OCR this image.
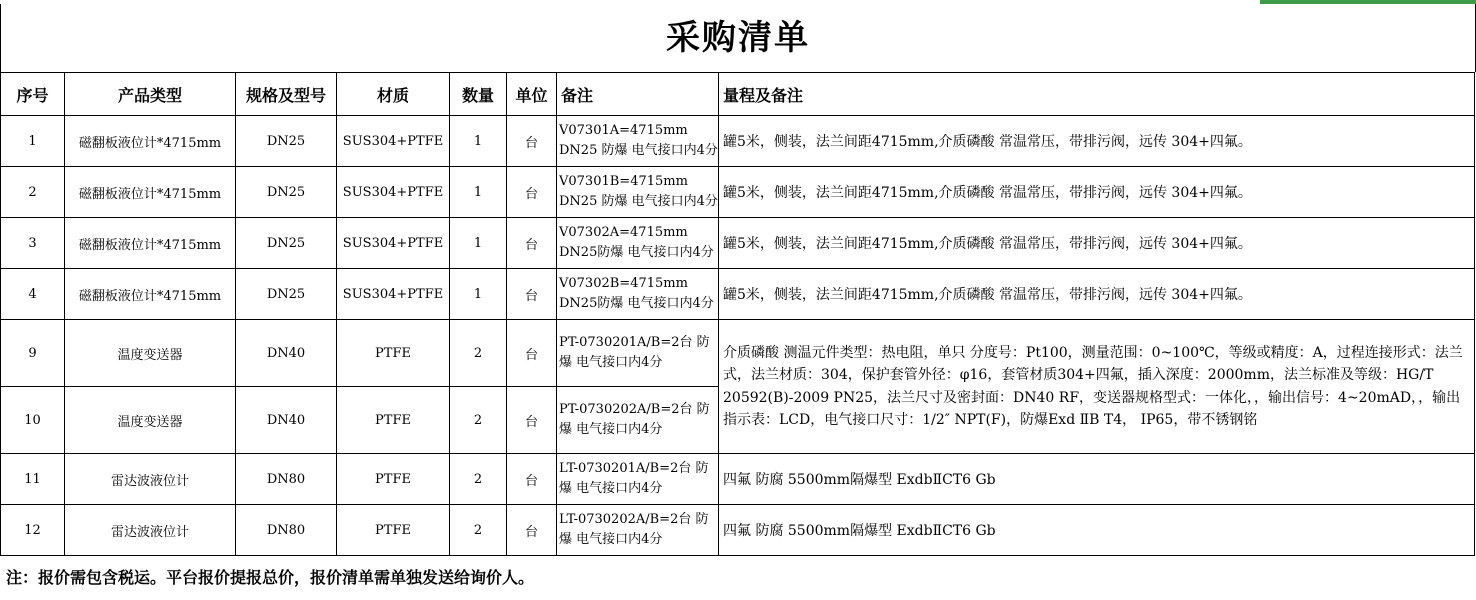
采购清单
序号	产品类型	规格及型号	材质	数量	单位	备注	量程及备注
1	磁翻板液位计*4715mm	DN25	SUS304+PTFE	1	台	V07301A=4715mm DN25 防爆 电气接口内4分	罐5米，侧装，法兰间距4715mm,介质磷酸 常温常压，带排污阀，远传 304+四氟。
2	磁翻板液位计*4715mm	DN25	SUS304+PTFE	1	台	V07301B=4715mm DN25 防爆 电气接口内4分	罐5米，侧装，法兰间距4715mm,介质磷酸 常温常压，带排污阀，远传 304+四氟。
3	磁翻板液位计*4715mm	DN25	SUS304+PTFE	1	台	V07302A=4715mm DN25防爆 电气接口内4分	罐5米，侧装，法兰间距4715mm,介质磷酸 常温常压，带排污阀，远传 304+四氟。
4	磁翻板液位计*4715mm	DN25	SUS304+PTFE	1	台	V07302B=4715mm DN25防爆 电气接口内4分	罐5米，侧装，法兰间距4715mm,介质磷酸 常温常压，带排污阀，远传 304+四氟。
9	温度变送器	DN40	PTFE	2	台	PT-0730201A/B=2台 防爆 电气接口内4分	介质磷酸 测温元件类型：热电阻，单只 分度号：Pt100，测量范围：0~100℃，等级或精度：A，过程连接形式：法兰式，法兰材质：304，保护套管外径：φ16，套管材质304+四氟，插入深度：2000mm，法兰标准及等级：HG/T 20592(B)-2009 PN25，法兰尺寸及密封面：DN40 RF，变送器规格型式：一体化，，输出信号：4~20mAD，，输出指示表：LCD，电气接口尺寸：1/2″ NPT(F)，防爆Exd ⅡB T4， IP65，带不锈钢铭
10	温度变送器	DN40	PTFE	2	台	PT-0730202A/B=2台 防爆 电气接口内4分	

11	雷达波液位计	DN80	PTFE	2	台	LT-0730201A/B=2台 防爆 电气接口内4分	四氟 防腐 5500mm隔爆型 ExdbⅡCT6 Gb
12	雷达波液位计	DN80	PTFE	2	台	LT-0730202A/B=2台 防爆 电气接口内4分	四氟 防腐 5500mm隔爆型 ExdbⅡCT6 Gb
注：报价需包含税运。平台报价提报总价，报价清单需单独发送给询价人。
